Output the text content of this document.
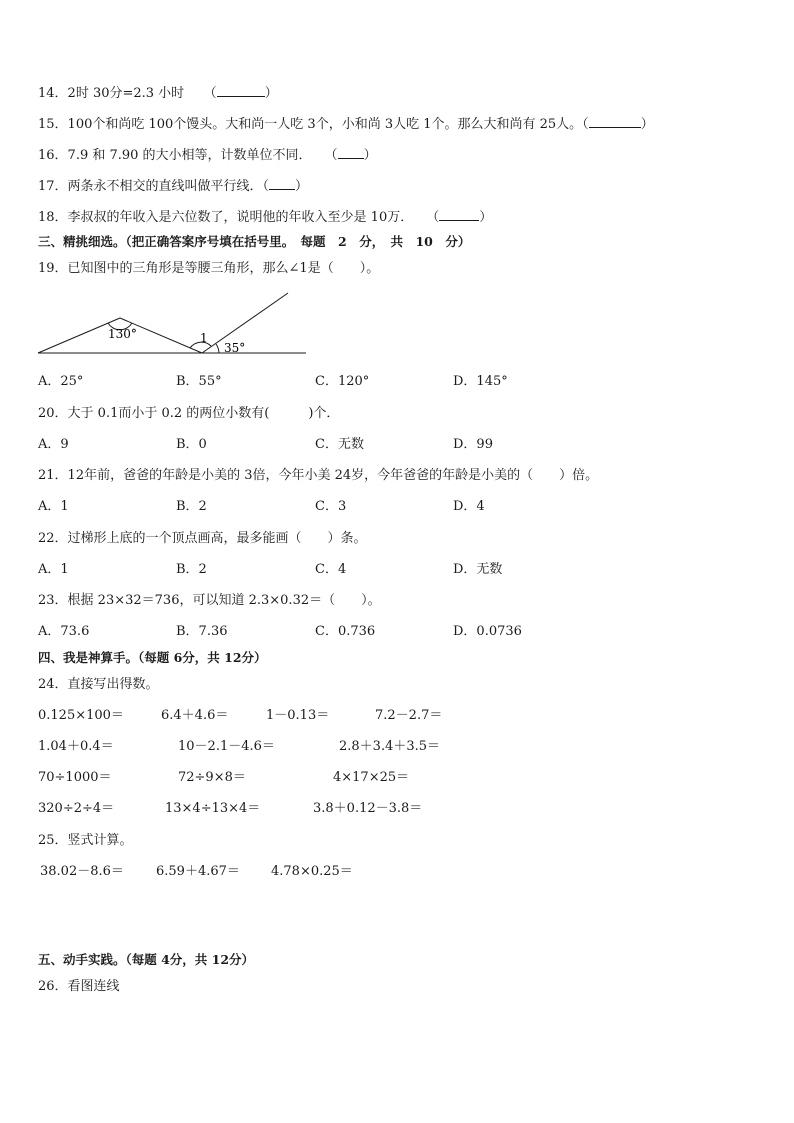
14．2时 30分=2.3 小时　　（	）
15．100个和尚吃 100个馒头。大和尚一人吃 3个，小和尚 3人吃 1个。那么大和尚有 25人。（	）
16．7.9 和 7.90 的大小相等，计数单位不同．　　（ ）
17．两条永不相交的直线叫做平行线．（ ）
18．李叔叔的年收入是六位数了，说明他的年收入至少是 10万．　　（	）
三、精挑细选。（把正确答案序号填在括号里。　每题　2　分，　共　10　分）
19．已知图中的三角形是等腰三角形，那么∠1是（　　）。
130°	1
35°
A．25°	B．55°	C．120°	D．145°
20．大于 0.1而小于 0.2 的两位小数有(　　　)个．
A．9	B．0	C．无数	D．99
21．12年前，爸爸的年龄是小美的 3倍，今年小美 24岁，今年爸爸的年龄是小美的（　　）倍。
A．1	B．2	C．3	D．4
22．过梯形上底的一个顶点画高，最多能画（　　）条。
A．1	B．2	C．4	D．无数
23．根据 23×32＝736，可以知道 2.3×0.32＝（　　）。
A．73.6	B．7.36	C．0.736	D．0.0736
四、我是神算手。（每题 6分，共 12分）
24．直接写出得数。
0.125×100＝	6.4＋4.6＝	1－0.13＝	7.2－2.7＝
1.04＋0.4＝	10－2.1－4.6＝	2.8＋3.4＋3.5＝
70÷1000＝	72÷9×8＝	4×17×25＝
320÷2÷4＝	13×4÷13×4＝	3.8＋0.12－3.8＝
25．竖式计算。
38.02－8.6＝ 6.59＋4.67＝ 4.78×0.25＝
五、动手实践。（每题 4分，共 12分）
26．看图连线
